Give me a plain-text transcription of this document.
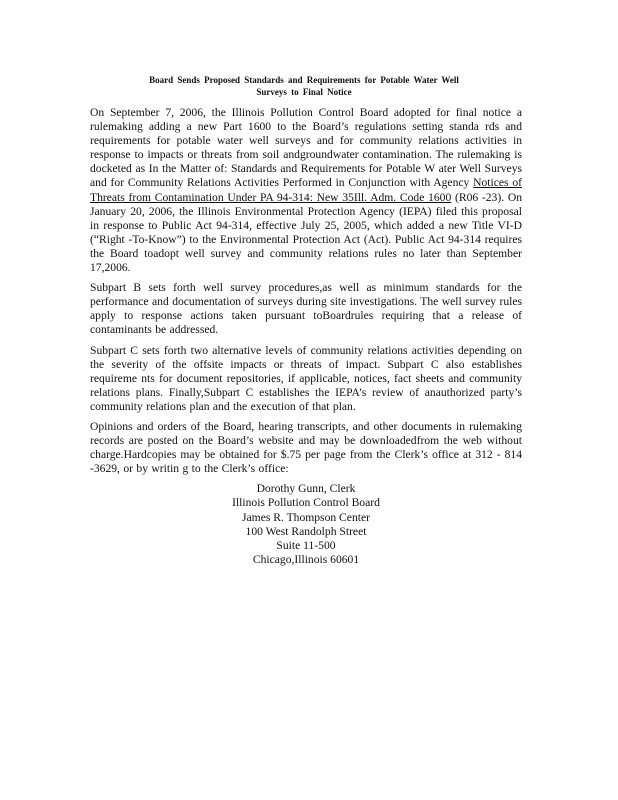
Board Sends Proposed Standards and Requirements for Potable Water Well
Surveys to Final Notice

On September 7, 2006, the Illinois Pollution Control Board adopted for final notice a rulemaking adding a new Part 1600 to the Board’s regulations setting standa rds and requirements for potable water well surveys and for community relations activities in response to impacts or threats from soil andgroundwater contamination. The rulemaking is docketed as In the Matter of: Standards and Requirements for Potable W ater Well Surveys and for Community Relations Activities Performed in Conjunction with Agency Notices of Threats from Contamination Under PA 94-314: New 35Ill. Adm. Code 1600 (R06 -23). On January 20, 2006, the Illinois Environmental Protection Agency (IEPA) filed this proposal in response to Public Act 94-314, effective July 25, 2005, which added a new Title VI-D (“Right -To-Know”) to the Environmental Protection Act (Act). Public Act 94-314 requires the Board toadopt well survey and community relations rules no later than September 17,2006.

Subpart B sets forth well survey procedures,as well as minimum standards for the performance and documentation of surveys during site investigations. The well survey rules apply to response actions taken pursuant toBoardrules requiring that a release of contaminants be addressed.

Subpart C sets forth two alternative levels of community relations activities depending on the severity of the offsite impacts or threats of impact. Subpart C also establishes requireme nts for document repositories, if applicable, notices, fact sheets and community relations plans. Finally,Subpart C establishes the IEPA’s review of anauthorized party’s community relations plan and the execution of that plan.

Opinions and orders of the Board, hearing transcripts, and other documents in rulemaking records are posted on the Board’s website and may be downloadedfrom the web without charge.Hardcopies may be obtained for $.75 per page from the Clerk’s office at 312 - 814 -3629, or by writin g to the Clerk’s office:

Dorothy Gunn, Clerk
Illinois Pollution Control Board
James R. Thompson Center
100 West Randolph Street
Suite 11-500
Chicago,Illinois 60601
